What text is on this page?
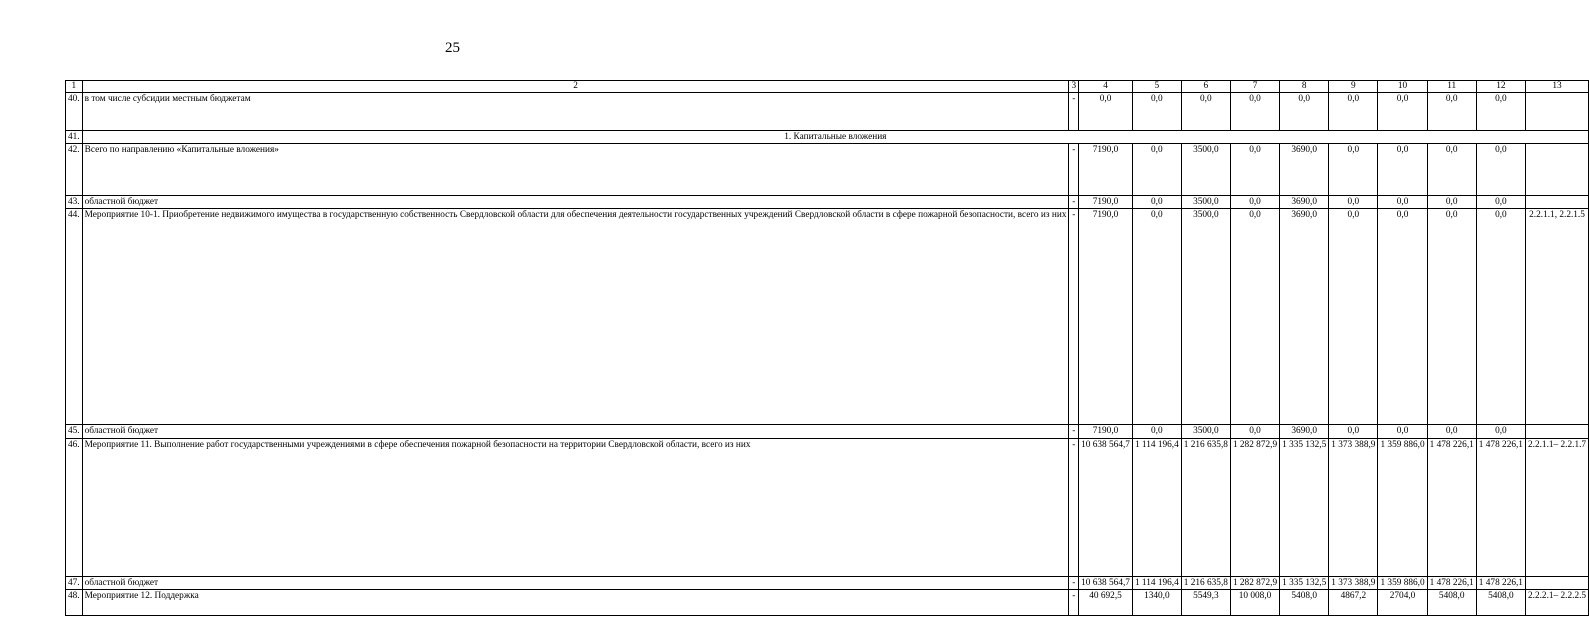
25
1	2	3	4	5	6	7	8	9	10	11	12	13
40.	в том числе субсидии местным бюджетам	-	0,0	0,0	0,0	0,0	0,0	0,0	0,0	0,0	0,0	
41.	1. Капитальные вложения											
42.	Всего по направлению «Капитальные вложения»	-	7190,0	0,0	3500,0	0,0	3690,0	0,0	0,0	0,0	0,0	
43.	областной бюджет	-	7190,0	0,0	3500,0	0,0	3690,0	0,0	0,0	0,0	0,0	
44.	Мероприятие 10-1. Приобретение недвижимого имущества в государственную собственность Свердловской области для обеспечения деятельности государственных учреждений Свердловской области в сфере пожарной безопасности, всего из них	-	7190,0	0,0	3500,0	0,0	3690,0	0,0	0,0	0,0	0,0	2.2.1.1, 2.2.1.5
45.	областной бюджет	-	7190,0	0,0	3500,0	0,0	3690,0	0,0	0,0	0,0	0,0	
46.	Мероприятие 11. Выполнение работ государственными учреждениями в сфере обеспечения пожарной безопасности на территории Свердловской области, всего из них	-	10 638 564,7	1 114 196,4	1 216 635,8	1 282 872,9	1 335 132,5	1 373 388,9	1 359 886,0	1 478 226,1	1 478 226,1	2.2.1.1– 2.2.1.7
47.	областной бюджет	-	10 638 564,7	1 114 196,4	1 216 635,8	1 282 872,9	1 335 132,5	1 373 388,9	1 359 886,0	1 478 226,1	1 478 226,1	
48.	Мероприятие 12. Поддержка	-	40 692,5	1340,0	5549,3	10 008,0	5408,0	4867,2	2704,0	5408,0	5408,0	2.2.2.1– 2.2.2.5
